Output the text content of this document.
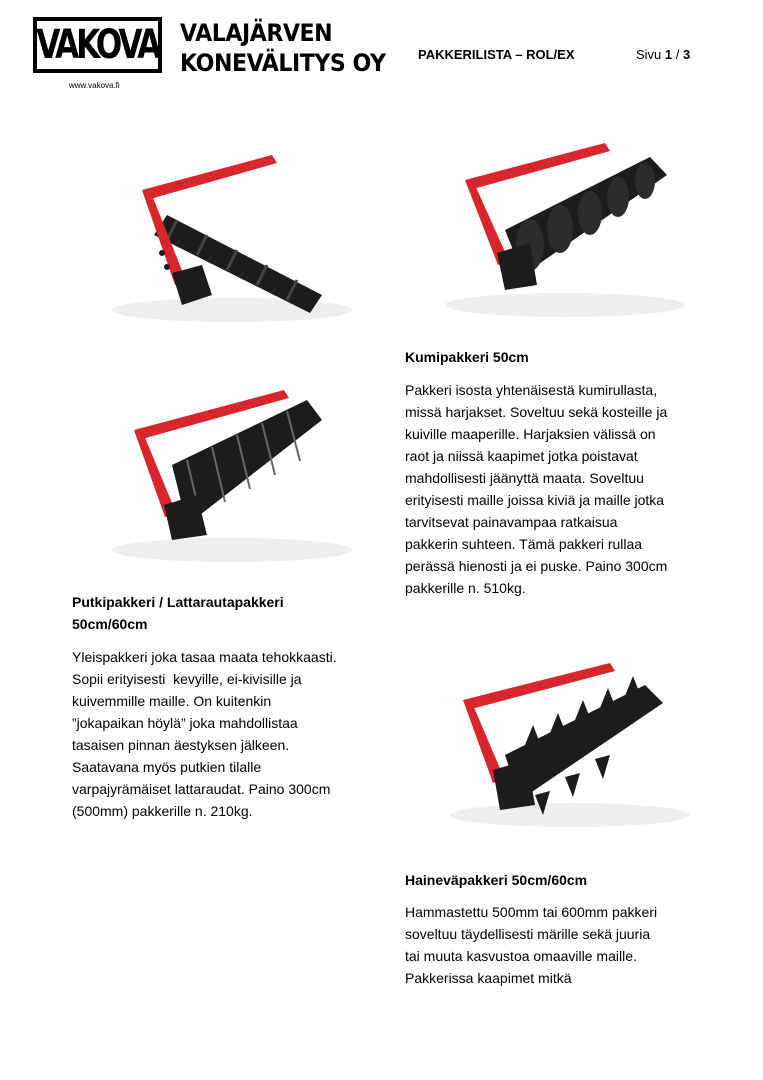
VAKOVA VALAJÄRVEN
KONEVÄLITYS OY
www.vakova.fi
PAKKERILISTA – ROL/EX	Sivu 1 / 3
Kumipakkeri 50cm

Pakkeri isosta yhtenäisestä kumirullasta,

missä harjakset. Soveltuu sekä kosteille ja

kuiville maaperille. Harjaksien välissä on

raot ja niissä kaapimet jotka poistavat

mahdollisesti jäänyttä maata. Soveltuu

erityisesti maille joissa kiviä ja maille jotka

tarvitsevat painavampaa ratkaisua

pakkerin suhteen. Tämä pakkeri rullaa

perässä hienosti ja ei puske. Paino 300cm

pakkerille n. 510kg.

Putkipakkeri / Lattarautapakkeri
50cm/60cm

Yleispakkeri joka tasaa maata tehokkaasti.

Sopii erityisesti  kevyille, ei-kivisille ja

kuivemmille maille. On kuitenkin

”jokapaikan höylä” joka mahdollistaa

tasaisen pinnan äestyksen jälkeen.

Saatavana myös putkien tilalle

varpajyrämäiset lattaraudat. Paino 300cm

(500mm) pakkerille n. 210kg.

Haineväpakkeri 50cm/60cm

Hammastettu 500mm tai 600mm pakkeri

soveltuu täydellisesti märille sekä juuria

tai muuta kasvustoa omaaville maille.

Pakkerissa kaapimet mitkä
